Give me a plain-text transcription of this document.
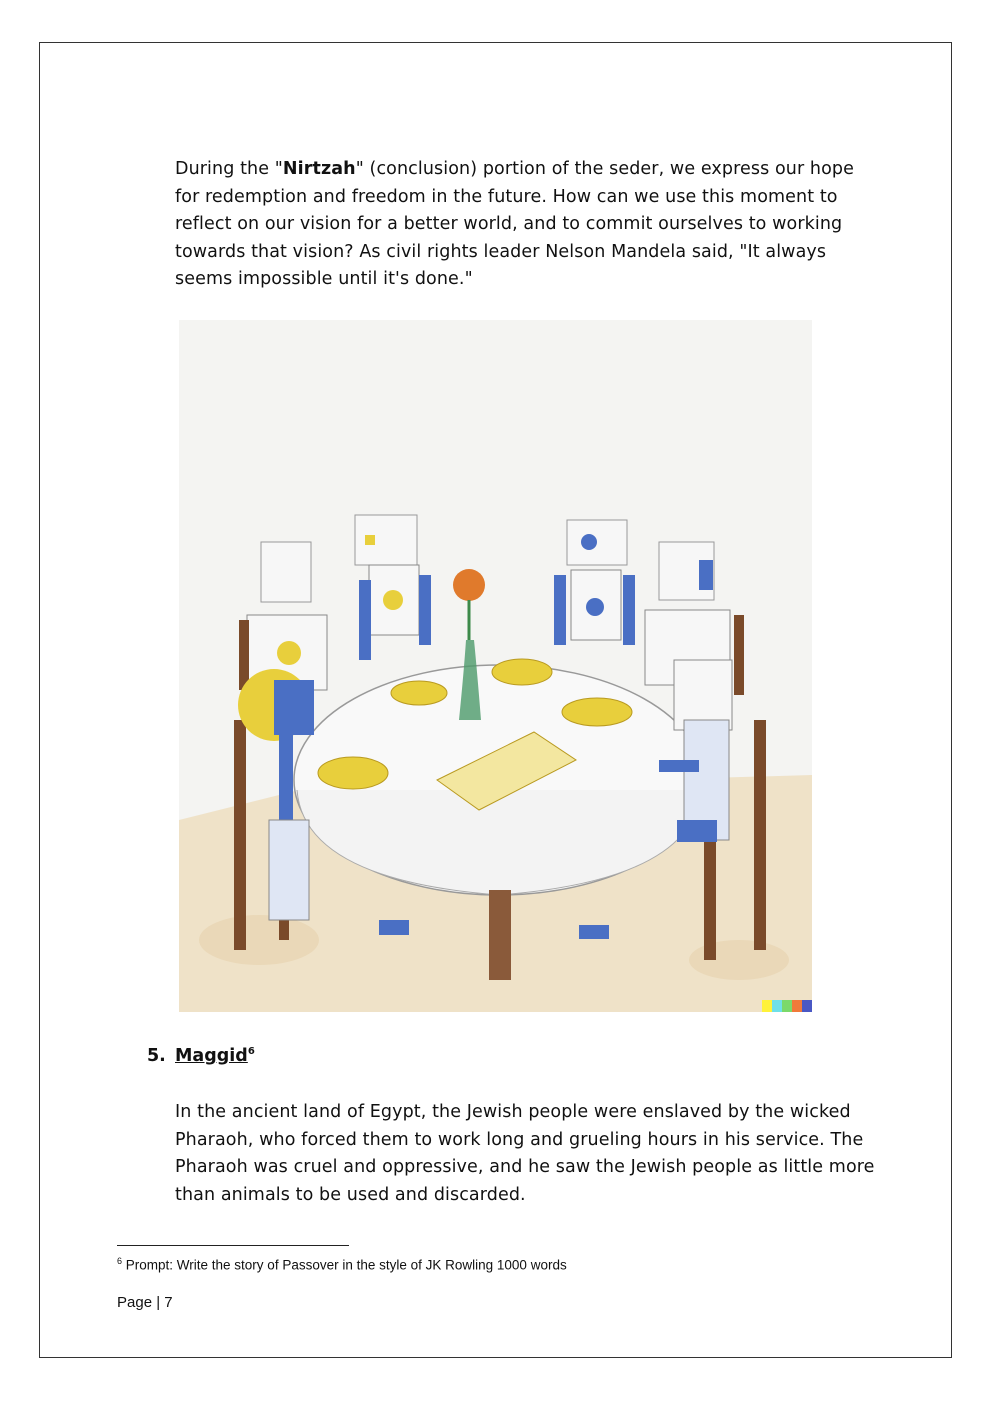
During the "Nirtzah" (conclusion) portion of the seder, we express our hope for redemption and freedom in the future. How can we use this moment to reflect on our vision for a better world, and to commit ourselves to working towards that vision? As civil rights leader Nelson Mandela said, "It always seems impossible until it's done."

5. Maggid$^6$

In the ancient land of Egypt, the Jewish people were enslaved by the wicked Pharaoh, who forced them to work long and grueling hours in his service. The Pharaoh was cruel and oppressive, and he saw the Jewish people as little more than animals to be used and discarded.

$^6$ Prompt: Write the story of Passover in the style of JK Rowling 1000 words
Page | 7
